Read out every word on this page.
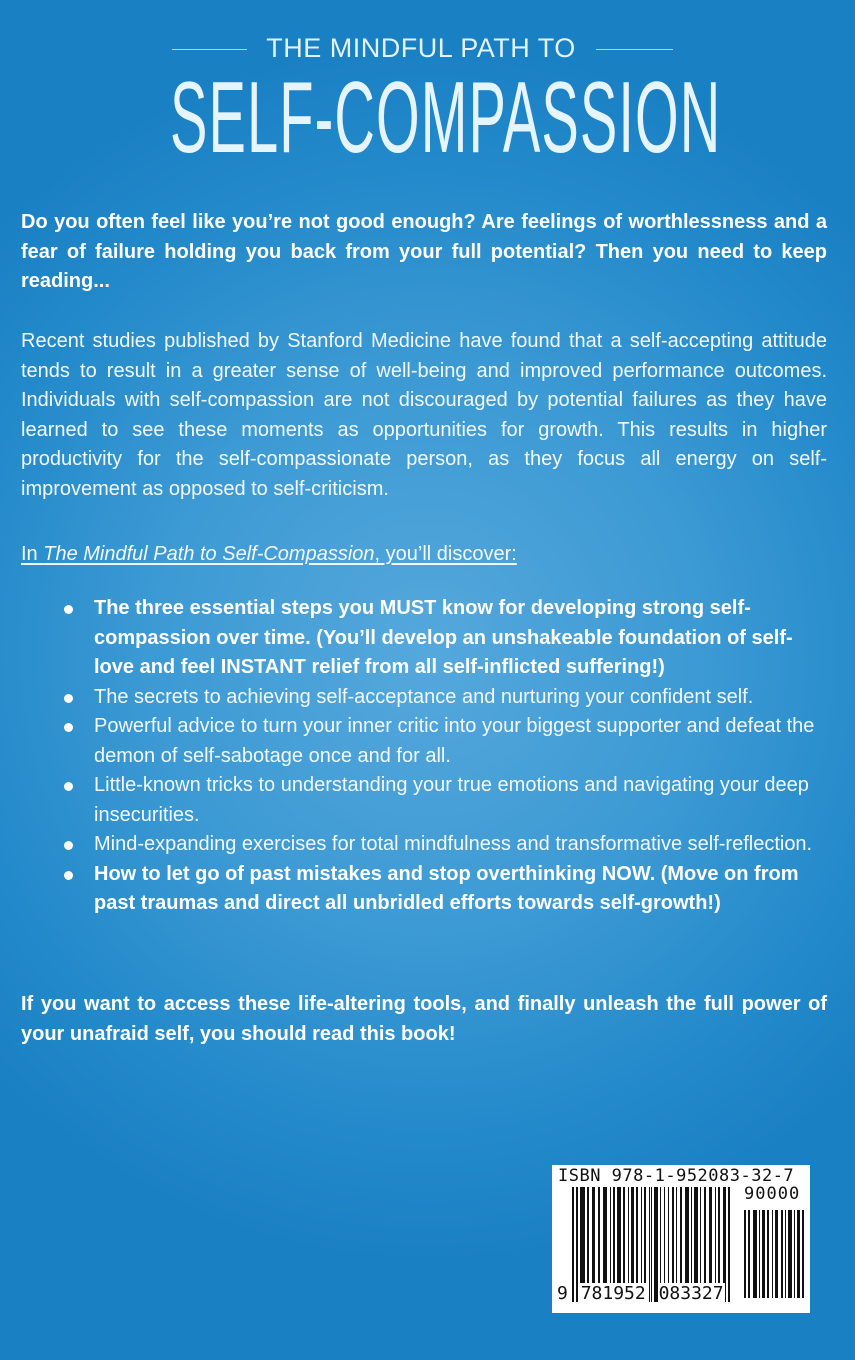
THE MINDFUL PATH TO
SELF-COMPASSION

Do you often feel like you’re not good enough? Are feelings of worthlessness and a fear of failure holding you back from your full potential? Then you need to keep reading...

Recent studies published by Stanford Medicine have found that a self-accepting attitude tends to result in a greater sense of well-being and improved performance outcomes. Individuals with self-compassion are not discouraged by potential failures as they have learned to see these moments as opportunities for growth. This results in higher productivity for the self-compassionate person, as they focus all energy on self-improvement as opposed to self-criticism.

In The Mindful Path to Self-Compassion, you’ll discover:

The three essential steps you MUST know for developing strong self-compassion over time. (You’ll develop an unshakeable foundation of self-love and feel INSTANT relief from all self-inflicted suffering!)
The secrets to achieving self-acceptance and nurturing your confident self.
Powerful advice to turn your inner critic into your biggest supporter and defeat the demon of self-sabotage once and for all.
Little-known tricks to understanding your true emotions and navigating your deep insecurities.
Mind-expanding exercises for total mindfulness and transformative self-reflection.
How to let go of past mistakes and stop overthinking NOW. (Move on from past traumas and direct all unbridled efforts towards self-growth!)

If you want to access these life-altering tools, and finally unleash the full power of your unafraid self, you should read this book!

ISBN 978-1-952083-32-7
90000
9 781952 083327
